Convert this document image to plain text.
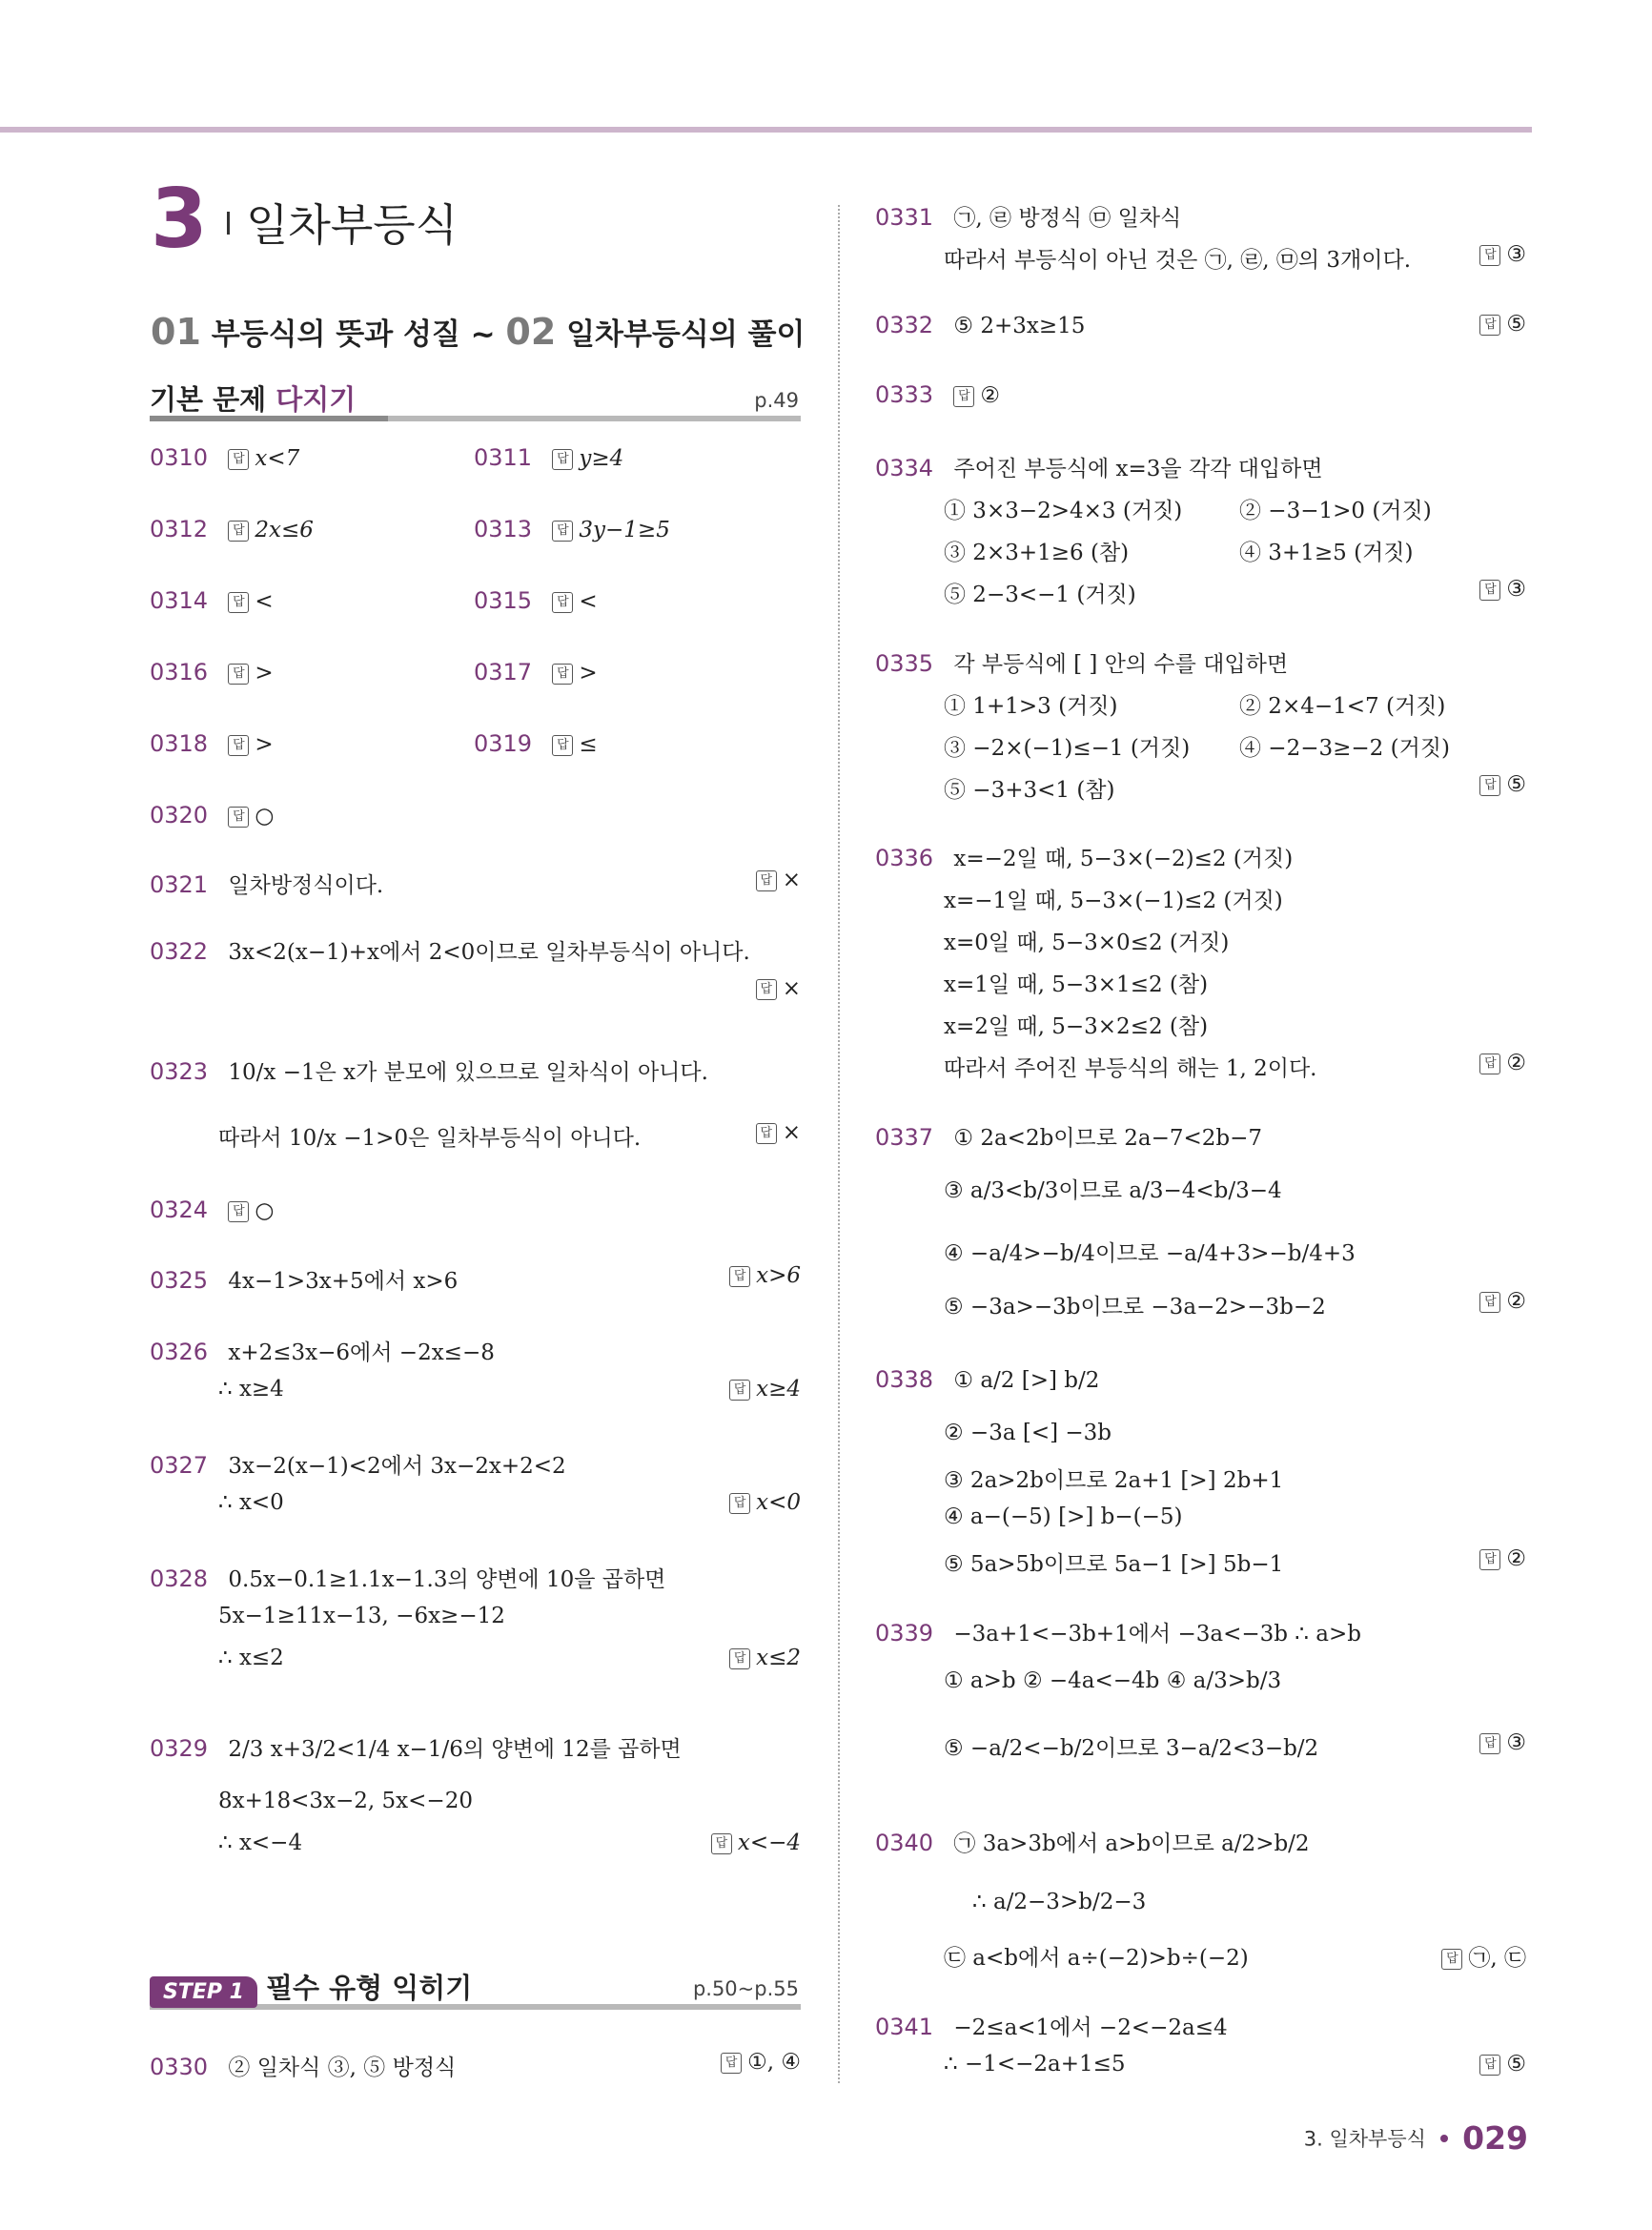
3 일차부등식
01 부등식의 뜻과 성질 ~ 02 일차부등식의 풀이
기본 문제 다지기	p.49
0310 답 x<7	0311 답 y≥4
0312 답 2x≤6	0313 답 3y−1≥5
0314 답 <	0315 답 <
0316 답 >	0317 답 >
0318 답 >	0319 답 ≤
0320 답 ○
0321 일차방정식이다.	답 ×
0322 3x<2(x−1)+x에서 2<0이므로 일차부등식이 아니다.
답 ×
0323 10/x −1은 x가 분모에 있으므로 일차식이 아니다.
따라서 10/x −1>0은 일차부등식이 아니다.	답 ×
0324 답 ○
0325 4x−1>3x+5에서 x>6	답 x>6
0326 x+2≤3x−6에서 −2x≤−8
∴ x≥4	답 x≥4
0327 3x−2(x−1)<2에서 3x−2x+2<2
∴ x<0	답 x<0
0328 0.5x−0.1≥1.1x−1.3의 양변에 10을 곱하면
5x−1≥11x−13, −6x≥−12
∴ x≤2	답 x≤2
0329 2/3 x+3/2<1/4 x−1/6의 양변에 12를 곱하면
8x+18<3x−2, 5x<−20
∴ x<−4	답 x<−4
STEP 1 필수 유형 익히기	p.50~p.55
0330 ② 일차식 ③, ⑤ 방정식	답 ①, ④
0331 ㉠, ㉣ 방정식 ㉤ 일차식
따라서 부등식이 아닌 것은 ㉠, ㉣, ㉤의 3개이다.	답 ③
0332 ⑤ 2+3x≥15	답 ⑤
0333 답 ②
0334 주어진 부등식에 x=3을 각각 대입하면
① 3×3−2>4×3 (거짓)	② −3−1>0 (거짓)
③ 2×3+1≥6 (참)	④ 3+1≥5 (거짓)
⑤ 2−3<−1 (거짓)	답 ③
0335 각 부등식에 [ ] 안의 수를 대입하면
① 1+1>3 (거짓)	② 2×4−1<7 (거짓)
③ −2×(−1)≤−1 (거짓) ④ −2−3≥−2 (거짓)
⑤ −3+3<1 (참)	답 ⑤
0336 x=−2일 때, 5−3×(−2)≤2 (거짓)
x=−1일 때, 5−3×(−1)≤2 (거짓)
x=0일 때, 5−3×0≤2 (거짓)
x=1일 때, 5−3×1≤2 (참)
x=2일 때, 5−3×2≤2 (참)
따라서 주어진 부등식의 해는 1, 2이다.	답 ②
0337 ① 2a<2b이므로 2a−7<2b−7
③ a/3<b/3이므로 a/3−4<b/3−4
④ −a/4>−b/4이므로 −a/4+3>−b/4+3
⑤ −3a>−3b이므로 −3a−2>−3b−2	답 ②
0338 ① a/2 [>] b/2
② −3a [<] −3b
③ 2a>2b이므로 2a+1 [>] 2b+1
④ a−(−5) [>] b−(−5)
⑤ 5a>5b이므로 5a−1 [>] 5b−1	답 ②
0339 −3a+1<−3b+1에서 −3a<−3b ∴ a>b
① a>b ② −4a<−4b ④ a/3>b/3
⑤ −a/2<−b/2이므로 3−a/2<3−b/2	답 ③
0340 ㉠ 3a>3b에서 a>b이므로 a/2>b/2
∴ a/2−3>b/2−3
㉢ a<b에서 a÷(−2)>b÷(−2)	답 ㉠, ㉢
0341 −2≤a<1에서 −2<−2a≤4
∴ −1<−2a+1≤5	답 ⑤
3. 일차부등식 029
